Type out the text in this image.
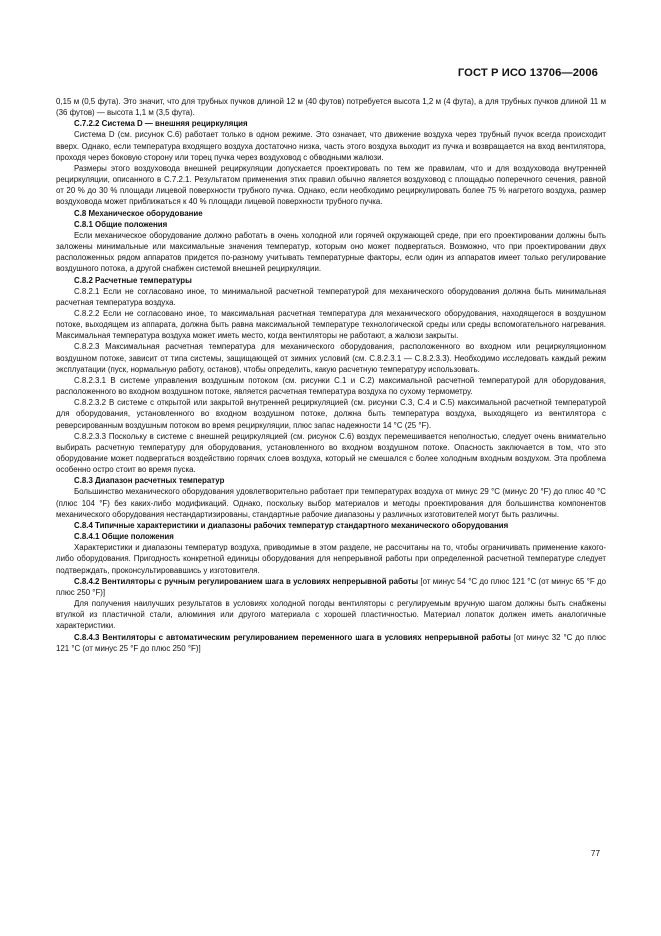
ГОСТ Р ИСО 13706—2006

0,15 м (0,5 фута). Это значит, что для трубных пучков длиной 12 м (40 футов) потребуется высота 1,2 м (4 фута), а для трубных пучков длиной 11 м (36 футов) — высота 1,1 м (3,5 фута).

С.7.2.2 Система D — внешняя рециркуляция

Система D (см. рисунок С.6) работает только в одном режиме. Это означает, что движение воздуха через трубный пучок всегда происходит вверх. Однако, если температура входящего воздуха достаточно низка, часть этого воздуха выходит из пучка и возвращается на вход вентилятора, проходя через боковую сторону или торец пучка через воздуховод с обводными жалюзи.

Размеры этого воздуховода внешней рециркуляции допускается проектировать по тем же правилам, что и для воздуховода внутренней рециркуляции, описанного в С.7.2.1. Результатом применения этих правил обычно является воздуховод с площадью поперечного сечения, равной от 20 % до 30 % площади лицевой поверхности трубного пучка. Однако, если необходимо рециркулировать более 75 % нагретого воздуха, размер воздуховода может приближаться к 40 % площади лицевой поверхности трубного пучка.

С.8 Механическое оборудование

С.8.1 Общие положения

Если механическое оборудование должно работать в очень холодной или горячей окружающей среде, при его проектировании должны быть заложены минимальные или максимальные значения температур, которым оно может подвергаться. Возможно, что при проектировании двух расположенных рядом аппаратов придется по-разному учитывать температурные факторы, если один из аппаратов имеет только регулирование воздушного потока, а другой снабжен системой внешней рециркуляции.

С.8.2 Расчетные температуры

С.8.2.1 Если не согласовано иное, то минимальной расчетной температурой для механического оборудования должна быть минимальная расчетная температура воздуха.

С.8.2.2 Если не согласовано иное, то максимальная расчетная температура для механического оборудования, находящегося в воздушном потоке, выходящем из аппарата, должна быть равна максимальной температуре технологической среды или среды вспомогательного нагревания. Максимальная температура воздуха может иметь место, когда вентиляторы не работают, а жалюзи закрыты.

С.8.2.3 Максимальная расчетная температура для механического оборудования, расположенного во входном или рециркуляционном воздушном потоке, зависит от типа системы, защищающей от зимних условий (см. С.8.2.3.1 — С.8.2.3.3). Необходимо исследовать каждый режим эксплуатации (пуск, нормальную работу, останов), чтобы определить, какую расчетную температуру использовать.

С.8.2.3.1 В системе управления воздушным потоком (см. рисунки С.1 и С.2) максимальной расчетной температурой для оборудования, расположенного во входном воздушном потоке, является расчетная температура воздуха по сухому термометру.

С.8.2.3.2 В системе с открытой или закрытой внутренней рециркуляцией (см. рисунки С.3, С.4 и С.5) максимальной расчетной температурой для оборудования, установленного во входном воздушном потоке, должна быть температура воздуха, выходящего из вентилятора с реверсированным воздушным потоком во время рециркуляции, плюс запас надежности 14 °С (25 °F).

С.8.2.3.3 Поскольку в системе с внешней рециркуляцией (см. рисунок С.6) воздух перемешивается неполностью, следует очень внимательно выбирать расчетную температуру для оборудования, установленного во входном воздушном потоке. Опасность заключается в том, что это оборудование может подвергаться воздействию горячих слоев воздуха, который не смешался с более холодным входным воздухом. Эта проблема особенно остро стоит во время пуска.

С.8.3 Диапазон расчетных температур

Большинство механического оборудования удовлетворительно работает при температурах воздуха от минус 29 °С (минус 20 °F) до плюс 40 °С (плюс 104 °F) без каких-либо модификаций. Однако, поскольку выбор материалов и методы проектирования для большинства компонентов механического оборудования нестандартизированы, стандартные рабочие диапазоны у различных изготовителей могут быть различны.

С.8.4 Типичные характеристики и диапазоны рабочих температур стандартного механического оборудования

С.8.4.1 Общие положения

Характеристики и диапазоны температур воздуха, приводимые в этом разделе, не рассчитаны на то, чтобы ограничивать применение какого-либо оборудования. Пригодность конкретной единицы оборудования для непрерывной работы при определенной расчетной температуре следует подтверждать, проконсультировавшись у изготовителя.

С.8.4.2 Вентиляторы с ручным регулированием шага в условиях непрерывной работы [от минус 54 °С до плюс 121 °С (от минус 65 °F до плюс 250 °F)]

Для получения наилучших результатов в условиях холодной погоды вентиляторы с регулируемым вручную шагом должны быть снабжены втулкой из пластичной стали, алюминия или другого материала с хорошей пластичностью. Материал лопаток должен иметь аналогичные характеристики.

С.8.4.3 Вентиляторы с автоматическим регулированием переменного шага в условиях непрерывной работы [от минус 32 °С до плюс 121 °С (от минус 25 °F до плюс 250 °F)]

77
